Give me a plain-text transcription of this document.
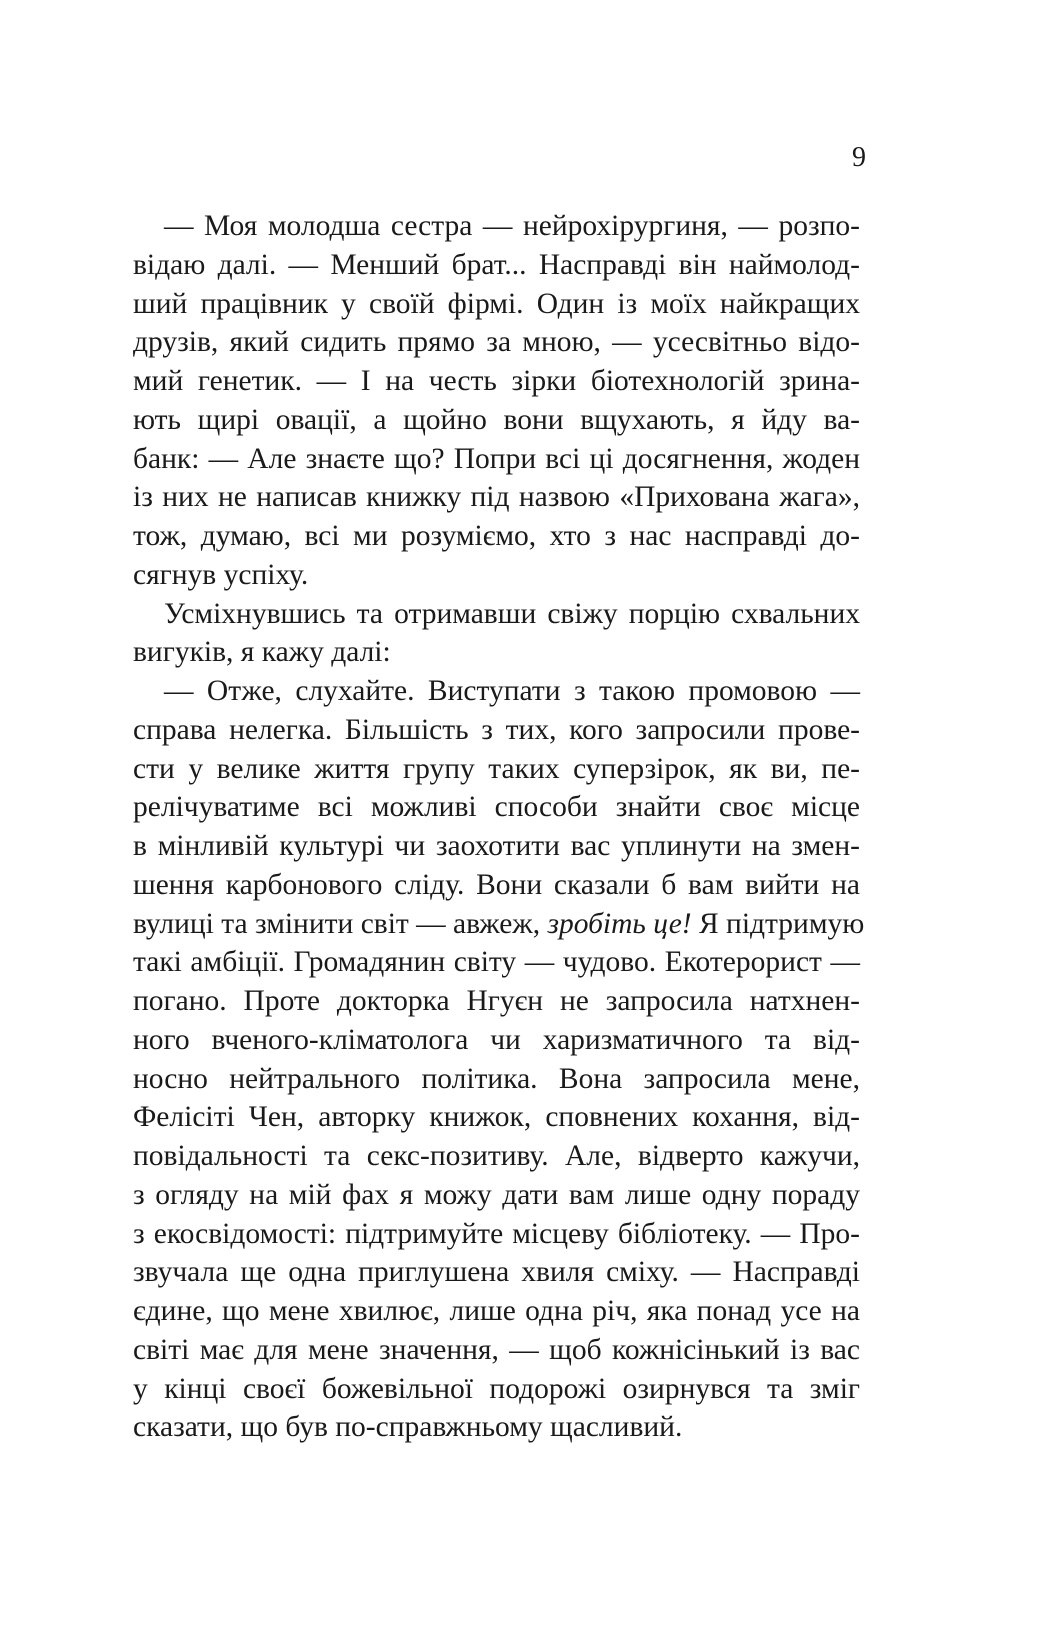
9
— Моя молодша сестра — нейрохірургиня, — розпо-
відаю далі. — Менший брат... Насправді він наймолод-
ший працівник у своїй фірмі. Один із моїх найкращих
друзів, який сидить прямо за мною, — усесвітньо відо-
мий генетик. — І на честь зірки біотехнологій зрина-
ють щирі овації, а щойно вони вщухають, я йду ва-
банк: — Але знаєте що? Попри всі ці досягнення, жоден
із них не написав книжку під назвою «Прихована жага»,
тож, думаю, всі ми розуміємо, хто з нас насправді до-
сягнув успіху.
Усміхнувшись та отримавши свіжу порцію схвальних
вигуків, я кажу далі:
— Отже, слухайте. Виступати з такою промовою —
справа нелегка. Більшість з тих, кого запросили прове-
сти у велике життя групу таких суперзірок, як ви, пе-
релічуватиме всі можливі способи знайти своє місце
в мінливій культурі чи заохотити вас уплинути на змен-
шення карбонового сліду. Вони сказали б вам вийти на
вулиці та змінити світ — авжеж, зробіть це! Я підтримую
такі амбіції. Громадянин світу — чудово. Екотерорист —
погано. Проте докторка Нгуєн не запросила натхнен-
ного вченого-кліматолога чи харизматичного та від-
носно нейтрального політика. Вона запросила мене,
Фелісіті Чен, авторку книжок, сповнених кохання, від-
повідальності та секс-позитиву. Але, відверто кажучи,
з огляду на мій фах я можу дати вам лише одну пораду
з екосвідомості: підтримуйте місцеву бібліотеку. — Про-
звучала ще одна приглушена хвиля сміху. — Насправді
єдине, що мене хвилює, лише одна річ, яка понад усе на
світі має для мене значення, — щоб кожнісінький із вас
у кінці своєї божевільної подорожі озирнувся та зміг
сказати, що був по-справжньому щасливий.
